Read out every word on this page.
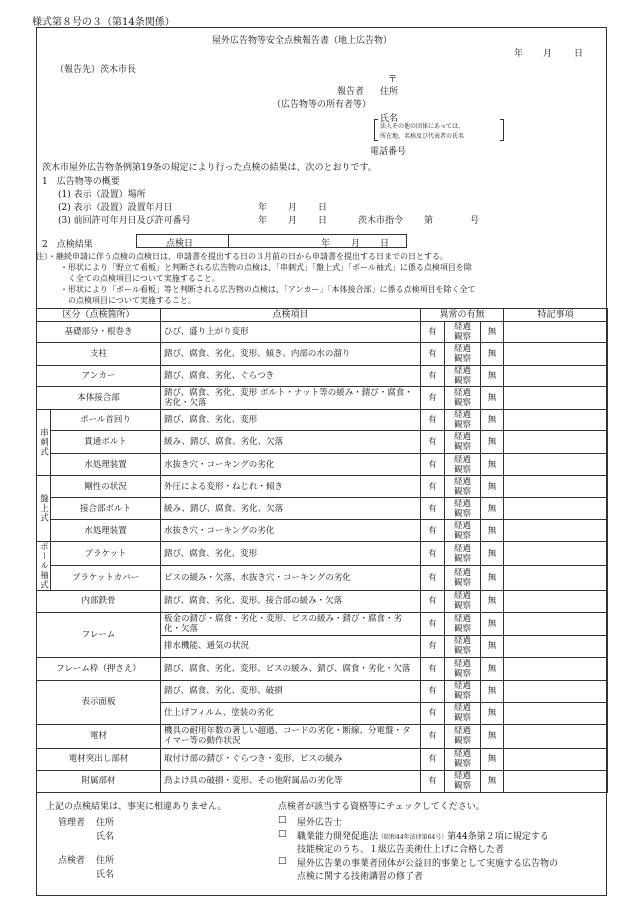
様式第８号の３（第14条関係）
屋外広告物等安全点検報告書（地上広告物）
年 月 日
（報告先）茨木市長
〒
報告者 住所
（広告物等の所有者等）
氏名
法人その他の団体にあっては、
所在地、名称及び代表者の氏名
電話番号
茨木市屋外広告物条例第19条の規定により行った点検の結果は、次のとおりです。
1　広告物等の概要
(1) 表示（設置）場所
(2) 表示（設置）設置年月日	年 月 日
(3) 前回許可年月日及び許可番号	年 月 日	茨木市指令 第	号
2　点検結果	点検日	年 月 日
注）・継続申請に伴う点検の点検日は、申請書を提出する日の３月前の日から申請書を提出する日までの日とする。
・形状により「野立て看板」と判断される広告物の点検は、「串刺式」「盤上式」「ポール袖式」に係る点検項目を除
く全ての点検項目について実施すること。
・形状により「ポール看板」等と判断される広告物の点検は、「アンカー」「本体接合部」に係る点検項目を除く全て
の点検項目について実施すること。
区分（点検箇所）		点検項目	異常の有無			特記事項
基礎部分・根巻き		ひび、盛り上がり変形	有	経過
観察	無	
支柱		錆び、腐食、劣化、変形、傾き、内部の水の溜り	有	経過
観察	無	
アンカー		錆び、腐食、劣化、ぐらつき	有	経過
観察	無	
本体接合部		錆び、腐食、劣化、変形 ボルト・ナット等の緩み・錆び・腐食・劣化・欠落	有	経過
観察	無	
串刺式	ポール首回り	錆び、腐食、劣化、変形	有	経過
観察	無	
	貫通ボルト	緩み、錆び、腐食、劣化、欠落	有	経過
観察	無	
	水処理装置	水抜き穴・コーキングの劣化	有	経過
観察	無	
盤上式	剛性の状況	外圧による変形・ねじれ・傾き	有	経過
観察	無	
	接合部ボルト	緩み、錆び、腐食、劣化、欠落	有	経過
観察	無	
	水処理装置	水抜き穴・コーキングの劣化	有	経過
観察	無	
ポール袖式	ブラケット	錆び、腐食、劣化、変形	有	経過
観察	無	
	ブラケットカバー	ビスの緩み・欠落、水抜き穴・コーキングの劣化	有	経過
観察	無	
内部鉄骨		錆び、腐食、劣化、変形、接合部の緩み・欠落	有	経過
観察	無	
フレーム		板金の錆び・腐食・劣化・変形、ビスの緩み・錆び・腐食・劣化・欠落	有	経過
観察	無	
		排水機能、通気の状況	有	経過
観察	無	
フレーム枠（押さえ）		錆び、腐食、劣化、変形、ビスの緩み、錆び、腐食・劣化・欠落	有	経過
観察	無	
表示面板		錆び、腐食、劣化、変形、破損	有	経過
観察	無	
		仕上げフィルム、塗装の劣化	有	経過
観察	無	
電材		機具の耐用年数の著しい超過、コードの劣化・断線、分電盤・タイマー等の動作状況	有	経過
観察	無	
電材突出し部材		取付け部の錆び・ぐらつき・変形、ビスの緩み	有	経過
観察	無	
附属部材		鳥よけ具の破損・変形、その他附属品の劣化等	有	経過
観察	無	
上記の点検結果は、事実に相違ありません。
管理者 住所
氏名
点検者 住所
氏名
点検者が該当する資格等にチェックしてください。
□ 屋外広告士
□ 職業能力開発促進法（昭和44年法律第64号）第44条第２項に規定する
技能検定のうち、１級広告美術仕上げに合格した者
□ 屋外広告業の事業者団体が公益目的事業として実施する広告物の
点検に関する技術講習の修了者
